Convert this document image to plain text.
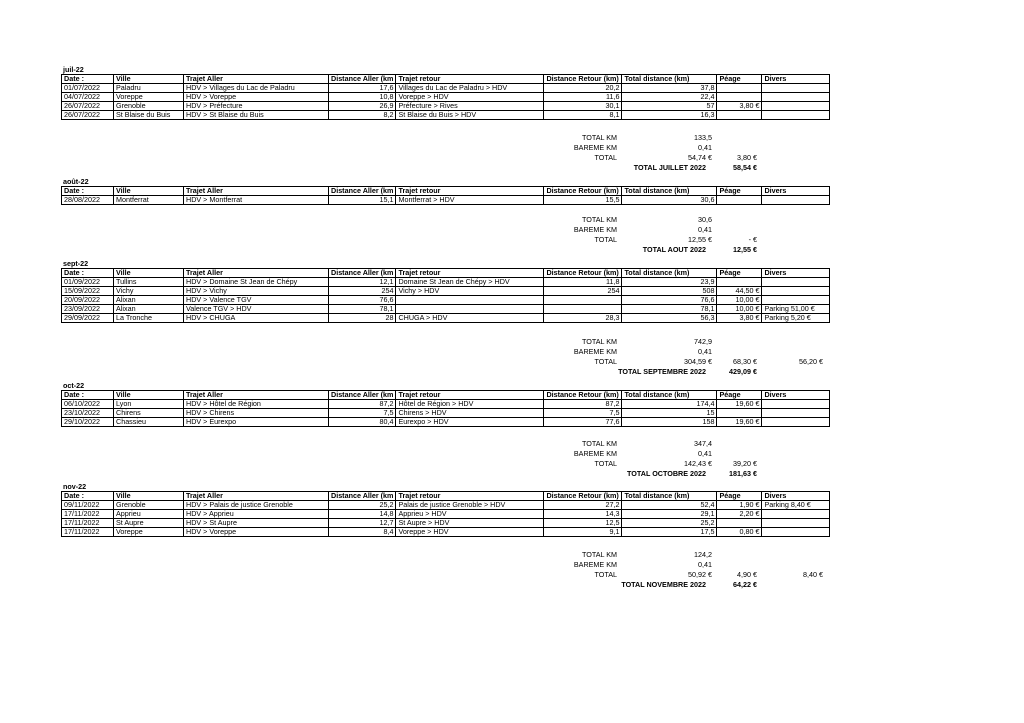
juil-22
Date :	Ville	Trajet Aller	Distance Aller (km	Trajet retour	Distance Retour (km)	Total distance (km)	Péage	Divers
01/07/2022	Paladru	HDV > Villages du Lac de Paladru	17,6	Villages du Lac de Paladru > HDV	20,2	37,8		
04/07/2022	Voreppe	HDV > Voreppe	10,8	Voreppe > HDV	11,6	22,4		
26/07/2022	Grenoble	HDV > Préfecture	26,9	Préfecture > Rives	30,1	57	3,80 €	
26/07/2022	St Blaise du Buis	HDV > St Blaise du Buis	8,2	St Blaise du Buis > HDV	8,1	16,3		
TOTAL KM	133,5
BAREME KM	0,41
TOTAL	54,74 €	3,80 €
TOTAL JUILLET 2022	58,54 €
août-22
Date :	Ville	Trajet Aller	Distance Aller (km	Trajet retour	Distance Retour (km)	Total distance (km)	Péage	Divers
28/08/2022	Montferrat	HDV > Montferrat	15,1	Montferrat > HDV	15,5	30,6		
TOTAL KM	30,6
BAREME KM	0,41
TOTAL	12,55 €	- €
TOTAL AOUT 2022	12,55 €
sept-22
Date :	Ville	Trajet Aller	Distance Aller (km	Trajet retour	Distance Retour (km)	Total distance (km)	Péage	Divers
01/09/2022	Tullins	HDV > Domaine St Jean de Chépy	12,1	Domaine St Jean de Chépy > HDV	11,8	23,9		
15/09/2022	Vichy	HDV > Vichy	254	Vichy > HDV	254	508	44,50 €	
20/09/2022	Alixan	HDV > Valence TGV	76,6			76,6	10,00 €	
23/09/2022	Alixan	Valence TGV > HDV	78,1			78,1	10,00 €	Parking 51,00 €
29/09/2022	La Tronche	HDV > CHUGA	28	CHUGA > HDV	28,3	56,3	3,80 €	Parking 5,20 €
TOTAL KM	742,9
BAREME KM	0,41
TOTAL	304,59 €	68,30 €	56,20 €
TOTAL SEPTEMBRE 2022	429,09 €
oct-22
Date :	Ville	Trajet Aller	Distance Aller (km	Trajet retour	Distance Retour (km)	Total distance (km)	Péage	Divers
06/10/2022	Lyon	HDV > Hôtel de Région	87,2	Hôtel de Région > HDV	87,2	174,4	19,60 €	
23/10/2022	Chirens	HDV > Chirens	7,5	Chirens > HDV	7,5	15		
29/10/2022	Chassieu	HDV > Eurexpo	80,4	Eurexpo > HDV	77,6	158	19,60 €	
TOTAL KM	347,4
BAREME KM	0,41
TOTAL	142,43 €	39,20 €
TOTAL OCTOBRE 2022	181,63 €
nov-22
Date :	Ville	Trajet Aller	Distance Aller (km	Trajet retour	Distance Retour (km)	Total distance (km)	Péage	Divers
09/11/2022	Grenoble	HDV > Palais de justice Grenoble	25,2	Palais de justice Grenoble > HDV	27,2	52,4	1,90 €	Parking 8,40 €
17/11/2022	Apprieu	HDV > Apprieu	14,8	Apprieu > HDV	14,3	29,1	2,20 €	
17/11/2022	St Aupre	HDV > St Aupre	12,7	St Aupre > HDV	12,5	25,2		
17/11/2022	Voreppe	HDV > Voreppe	8,4	Voreppe > HDV	9,1	17,5	0,80 €	
TOTAL KM	124,2
BAREME KM	0,41
TOTAL	50,92 €	4,90 €	8,40 €
TOTAL NOVEMBRE 2022	64,22 €
